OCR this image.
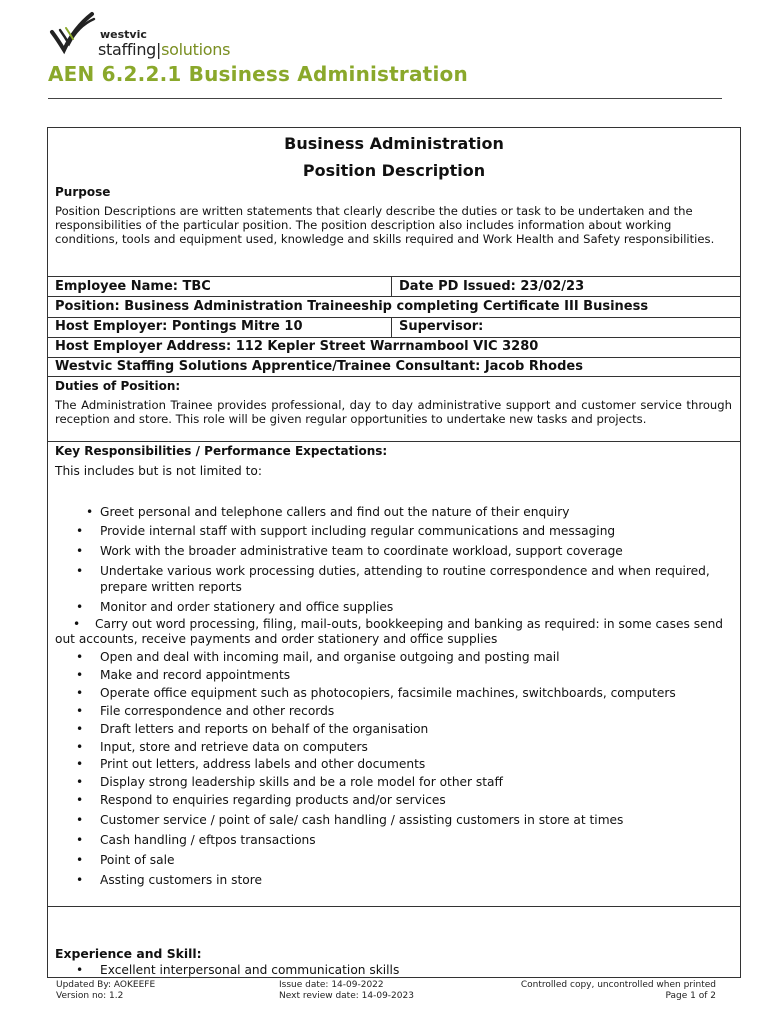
westvic
staffing|solutions
AEN 6.2.2.1 Business Administration
Business Administration
Position Description
Purpose
Position Descriptions are written statements that clearly describe the duties or task to be undertaken and the responsibilities of the particular position. The position description also includes information about working conditions, tools and equipment used, knowledge and skills required and Work Health and Safety responsibilities.
Employee Name: TBC	Date PD Issued: 23/02/23
Position: Business Administration Traineeship completing Certificate III Business
Host Employer: Pontings Mitre 10	Supervisor:
Host Employer Address: 112 Kepler Street Warrnambool VIC 3280
Westvic Staffing Solutions Apprentice/Trainee Consultant: Jacob Rhodes
Duties of Position:
The Administration Trainee provides professional, day to day administrative support and customer service through reception and store. This role will be given regular opportunities to undertake new tasks and projects.
Key Responsibilities / Performance Expectations:
This includes but is not limited to:
• Greet personal and telephone callers and find out the nature of their enquiry
• Provide internal staff with support including regular communications and messaging
• Work with the broader administrative team to coordinate workload, support coverage
• Undertake various work processing duties, attending to routine correspondence and when required, prepare written reports
• Monitor and order stationery and office supplies
• Carry out word processing, filing, mail-outs, bookkeeping and banking as required: in some cases send out accounts, receive payments and order stationery and office supplies
• Open and deal with incoming mail, and organise outgoing and posting mail
• Make and record appointments
• Operate office equipment such as photocopiers, facsimile machines, switchboards, computers
• File correspondence and other records
• Draft letters and reports on behalf of the organisation
• Input, store and retrieve data on computers
• Print out letters, address labels and other documents
• Display strong leadership skills and be a role model for other staff
• Respond to enquiries regarding products and/or services
• Customer service / point of sale/ cash handling / assisting customers in store at times
• Cash handling / eftpos transactions
• Point of sale
• Assting customers in store
Experience and Skill:
• Excellent interpersonal and communication skills
Updated By: AOKEEFE
Version no: 1.2
Issue date: 14-09-2022
Next review date: 14-09-2023
Controlled copy, uncontrolled when printed
Page 1 of 2
